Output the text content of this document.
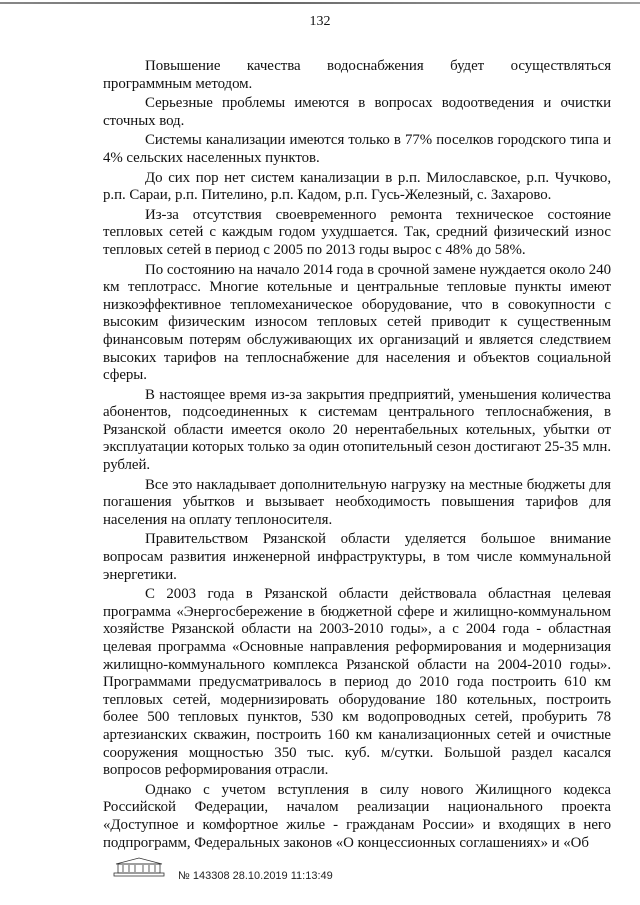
132

Повышение качества водоснабжения будет осуществляться программным методом.

Серьезные проблемы имеются в вопросах водоотведения и очистки сточных вод.

Системы канализации имеются только в 77% поселков городского типа и 4% сельских населенных пунктов.

До сих пор нет систем канализации в р.п. Милославское, р.п. Чучково, р.п. Сараи, р.п. Пителино, р.п. Кадом, р.п. Гусь-Железный, с. Захарово.

Из-за отсутствия своевременного ремонта техническое состояние тепловых сетей с каждым годом ухудшается. Так, средний физический износ тепловых сетей в период с 2005 по 2013 годы вырос с 48% до 58%.

По состоянию на начало 2014 года в срочной замене нуждается около 240 км теплотрасс. Многие котельные и центральные тепловые пункты имеют низкоэффективное тепломеханическое оборудование, что в совокупности с высоким физическим износом тепловых сетей приводит к существенным финансовым потерям обслуживающих их организаций и является следствием высоких тарифов на теплоснабжение для населения и объектов социальной сферы.

В настоящее время из-за закрытия предприятий, уменьшения количества абонентов, подсоединенных к системам центрального теплоснабжения, в Рязанской области имеется около 20 нерентабельных котельных, убытки от эксплуатации которых только за один отопительный сезон достигают 25-35 млн. рублей.

Все это накладывает дополнительную нагрузку на местные бюджеты для погашения убытков и вызывает необходимость повышения тарифов для населения на оплату теплоносителя.

Правительством Рязанской области уделяется большое внимание вопросам развития инженерной инфраструктуры, в том числе коммунальной энергетики.

С 2003 года в Рязанской области действовала областная целевая программа «Энергосбережение в бюджетной сфере и жилищно-коммунальном хозяйстве Рязанской области на 2003-2010 годы», а с 2004 года - областная целевая программа «Основные направления реформирования и модернизация жилищно-коммунального комплекса Рязанской области на 2004-2010 годы». Программами предусматривалось в период до 2010 года построить 610 км тепловых сетей, модернизировать оборудование 180 котельных, построить более 500 тепловых пунктов, 530 км водопроводных сетей, пробурить 78 артезианских скважин, построить 160 км канализационных сетей и очистные сооружения мощностью 350 тыс. куб. м/сутки. Большой раздел касался вопросов реформирования отрасли.

Однако с учетом вступления в силу нового Жилищного кодекса Российской Федерации, началом реализации национального проекта «Доступное и комфортное жилье - гражданам России» и входящих в него подпрограмм, Федеральных законов «О концессионных соглашениях» и «Об

№ 143308 28.10.2019 11:13:49
